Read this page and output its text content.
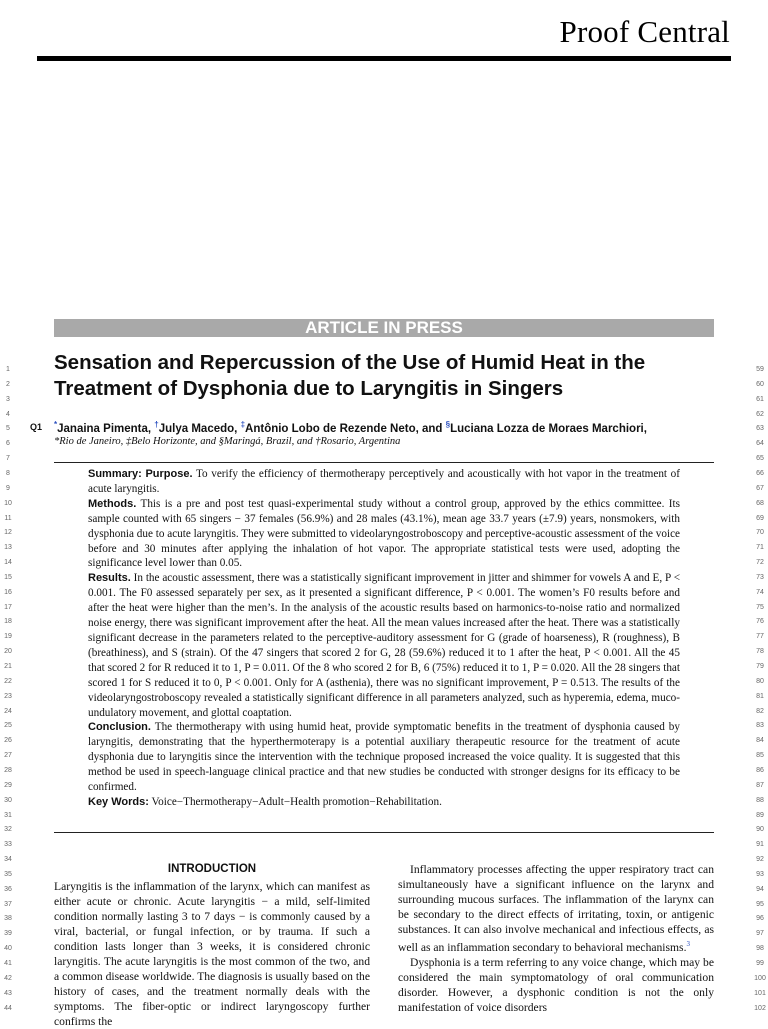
Proof Central
ARTICLE IN PRESS
1
2
3
4
5
6
7
8
9
10
11
12
13
14
15
16
17
18
19
20
21
22
23
24
25
26
27
28
29
30
31
32
33
34
35
36
37
38
39
40
41
42
43
44
59
60
61
62
63
64
65
66
67
68
69
70
71
72
73
74
75
76
77
78
79
80
81
82
83
84
85
86
87
88
89
90
91
92
93
94
95
96
97
98
99
100
101
102
Sensation and Repercussion of the Use of Humid Heat in the Treatment of Dysphonia due to Laryngitis in Singers
Q1 *Janaina Pimenta, †Julya Macedo, ‡Antônio Lobo de Rezende Neto, and §Luciana Lozza de Moraes Marchiori,
*Rio de Janeiro, ‡Belo Horizonte, and §Maringá, Brazil, and †Rosario, Argentina

Summary: Purpose. To verify the efficiency of thermotherapy perceptively and acoustically with hot vapor in the treatment of acute laryngitis.

Methods. This is a pre and post test quasi-experimental study without a control group, approved by the ethics committee. Its sample counted with 65 singers − 37 females (56.9%) and 28 males (43.1%), mean age 33.7 years (±7.9) years, nonsmokers, with dysphonia due to acute laryngitis. They were submitted to videolaryngostroboscopy and perceptive-acoustic assessment of the voice before and 30 minutes after applying the inhalation of hot vapor. The appropriate statistical tests were used, adopting the significance level lower than 0.05.

Results. In the acoustic assessment, there was a statistically significant improvement in jitter and shimmer for vowels A and E, P < 0.001. The F0 assessed separately per sex, as it presented a significant difference, P < 0.001. The women’s F0 results before and after the heat were higher than the men’s. In the analysis of the acoustic results based on harmonics-to-noise ratio and normalized noise energy, there was significant improvement after the heat. All the mean values increased after the heat. There was a statistically significant decrease in the parameters related to the perceptive-auditory assessment for G (grade of hoarseness), R (roughness), B (breathiness), and S (strain). Of the 47 singers that scored 2 for G, 28 (59.6%) reduced it to 1 after the heat, P < 0.001. All the 45 that scored 2 for R reduced it to 1, P = 0.011. Of the 8 who scored 2 for B, 6 (75%) reduced it to 1, P = 0.020. All the 28 singers that scored 1 for S reduced it to 0, P < 0.001. Only for A (asthenia), there was no significant improvement, P = 0.513. The results of the videolaryngostroboscopy revealed a statistically significant difference in all parameters analyzed, such as hyperemia, edema, muco-undulatory movement, and glottal coaptation.

Conclusion. The thermotherapy with using humid heat, provide symptomatic benefits in the treatment of dysphonia caused by laryngitis, demonstrating that the hyperthermoterapy is a potential auxiliary therapeutic resource for the treatment of acute dysphonia due to laryngitis since the intervention with the technique proposed increased the voice quality. It is suggested that this method be used in speech-language clinical practice and that new studies be conducted with stronger designs for its efficacy to be confirmed.

Key Words: Voice−Thermotherapy−Adult−Health promotion−Rehabilitation.

INTRODUCTION

Laryngitis is the inflammation of the larynx, which can manifest as either acute or chronic. Acute laryngitis − a mild, self-limited condition normally lasting 3 to 7 days − is commonly caused by a viral, bacterial, or fungal infection, or by trauma. If such a condition lasts longer than 3 weeks, it is considered chronic laryngitis. The acute laryngitis is the most common of the two, and a common disease worldwide. The diagnosis is usually based on the history of cases, and the treatment normally deals with the symptoms. The fiber-optic or indirect laryngoscopy further confirms the

Inflammatory processes affecting the upper respiratory tract can simultaneously have a significant influence on the larynx and surrounding mucous surfaces. The inflammation of the larynx can be secondary to the direct effects of irritating, toxin, or antigenic substances. It can also involve mechanical and infectious effects, as well as an inflammation secondary to behavioral mechanisms.$^3$

Dysphonia is a term referring to any voice change, which may be considered the main symptomatology of oral communication disorder. However, a dysphonic condition is not the only manifestation of voice disorders
